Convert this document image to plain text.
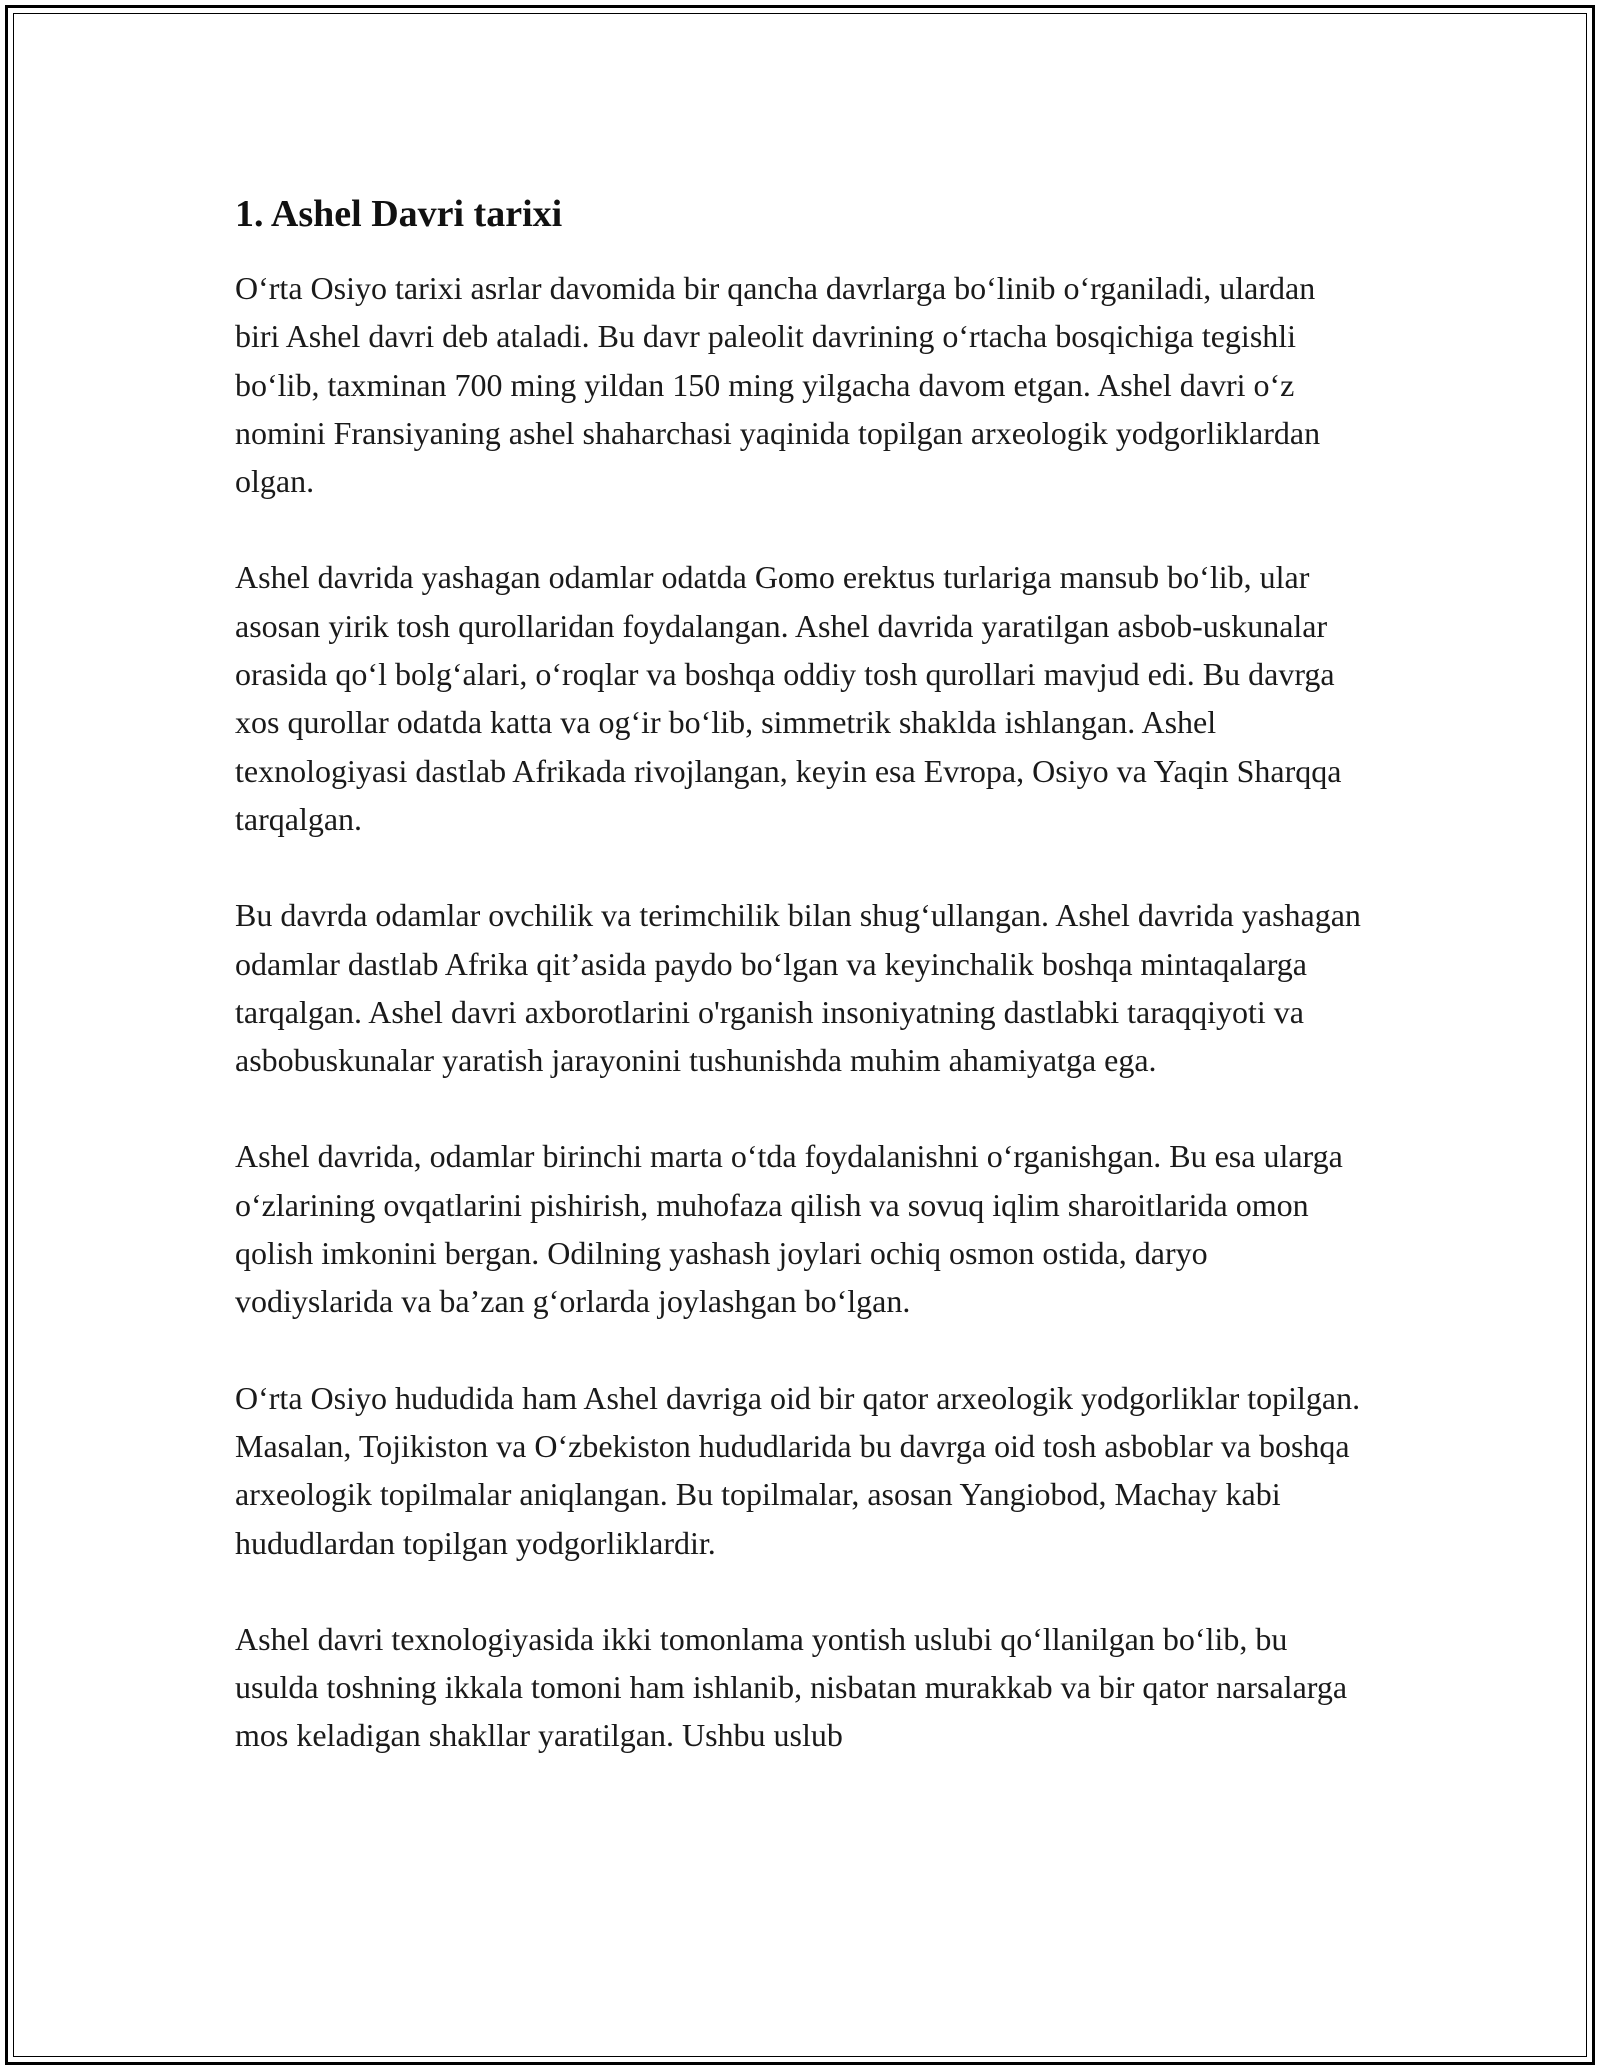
1. Ashel Davri tarixi

O‘rta Osiyo tarixi asrlar davomida bir qancha davrlarga bo‘linib o‘rganiladi, ulardan biri Ashel davri deb ataladi. Bu davr paleolit davrining o‘rtacha bosqichiga tegishli bo‘lib, taxminan 700 ming yildan 150 ming yilgacha davom etgan. Ashel davri o‘z nomini Fransiyaning ashel shaharchasi yaqinida topilgan arxeologik yodgorliklardan olgan.

Ashel davrida yashagan odamlar odatda Gomo erektus turlariga mansub bo‘lib, ular asosan yirik tosh qurollaridan foydalangan. Ashel davrida yaratilgan asbob-uskunalar orasida qo‘l bolg‘alari, o‘roqlar va boshqa oddiy tosh qurollari mavjud edi. Bu davrga xos qurollar odatda katta va og‘ir bo‘lib, simmetrik shaklda ishlangan. Ashel texnologiyasi dastlab Afrikada rivojlangan, keyin esa Evropa, Osiyo va Yaqin Sharqqa tarqalgan.

Bu davrda odamlar ovchilik va terimchilik bilan shug‘ullangan. Ashel davrida yashagan odamlar dastlab Afrika qit’asida paydo bo‘lgan va keyinchalik boshqa mintaqalarga tarqalgan. Ashel davri axborotlarini o'rganish insoniyatning dastlabki taraqqiyoti va asbobuskunalar yaratish jarayonini tushunishda muhim ahamiyatga ega.

Ashel davrida, odamlar birinchi marta o‘tda foydalanishni o‘rganishgan. Bu esa ularga o‘zlarining ovqatlarini pishirish, muhofaza qilish va sovuq iqlim sharoitlarida omon qolish imkonini bergan. Odilning yashash joylari ochiq osmon ostida, daryo vodiyslarida va ba’zan g‘orlarda joylashgan bo‘lgan.

O‘rta Osiyo hududida ham Ashel davriga oid bir qator arxeologik yodgorliklar topilgan. Masalan, Tojikiston va O‘zbekiston hududlarida bu davrga oid tosh asboblar va boshqa arxeologik topilmalar aniqlangan. Bu topilmalar, asosan Yangiobod, Machay kabi hududlardan topilgan yodgorliklardir.

Ashel davri texnologiyasida ikki tomonlama yontish uslubi qo‘llanilgan bo‘lib, bu usulda toshning ikkala tomoni ham ishlanib, nisbatan murakkab va bir qator narsalarga mos keladigan shakllar yaratilgan. Ushbu uslub
